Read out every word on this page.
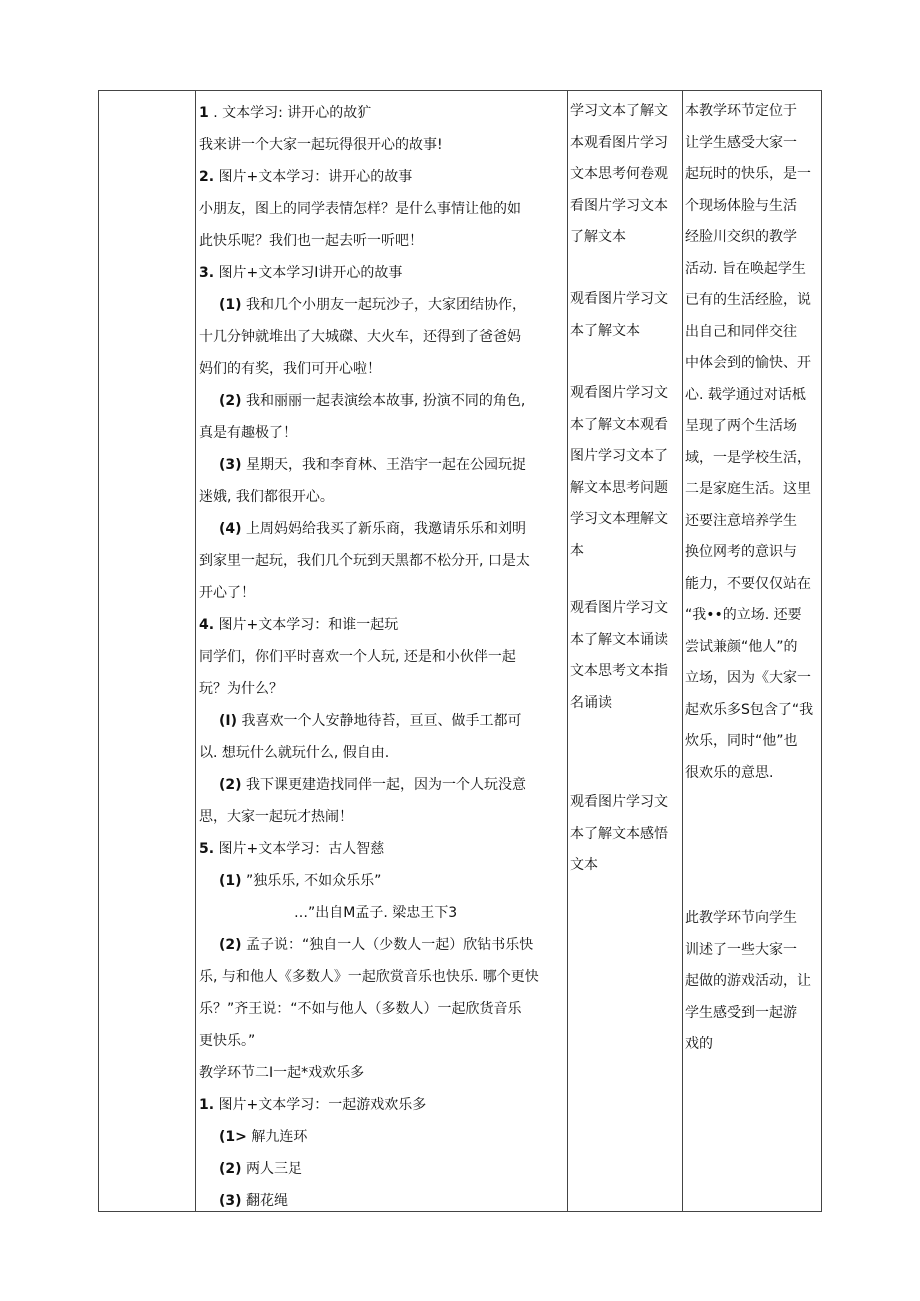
1 . 文本学习: 讲开心的故犷
我来讲一个大家一起玩得很开心的故事!
2. 图片+文本学习：讲开心的故事
小朋友，图上的同学表情怎样？是什么事情让他的如
此快乐呢？我们也一起去听一听吧！
3. 图片+文本学习I讲开心的故事
(1) 我和几个小朋友一起玩沙子，大家团结协作，
十几分钟就堆出了大城磔、大火车，还得到了爸爸妈
妈们的有奖，我们可开心啦！
(2) 我和丽丽一起表演绘本故事, 扮演不同的角色,
真是有趣极了！
(3) 星期天，我和李育林、王浩宇一起在公园玩捉
迷娥, 我们都很开心。
(4) 上周妈妈给我买了新乐商，我邀请乐乐和刘明
到家里一起玩，我们几个玩到天黑都不松分开, 口是太
开心了！
4. 图片+文本学习：和谁一起玩
同学们，你们平时喜欢一个人玩, 还是和小伙伴一起
玩？为什么？
(I) 我喜欢一个人安静地待苔，亘亘、做手工都可
以. 想玩什么就玩什么, 假自由.
(2) 我下课更建造找同伴一起，因为一个人玩没意
思，大家一起玩才热闹！
5. 图片+文本学习：古人智慈
(1) ”独乐乐, 不如众乐乐”
…”出自M孟子. 梁忠王下3
(2) 孟子说：“独自一人（少数人一起）欣钻书乐快
乐, 与和他人《多数人》一起欣赏音乐也快乐. 哪个更快
乐？”齐王说：“不如与他人（多数人）一起欣货音乐
更快乐。”
教学环节二I一起*戏欢乐多
1. 图片+文本学习：一起游戏欢乐多
(1> 解九连环
(2) 两人三足
(3) 翻花绳
学习文本了解文
本观看图片学习
文本思考何卷观
看图片学习文本
了解文本
观看图片学习文
本了解文本
观看图片学习文
本了解文本观看
图片学习文本了
解文本思考问题
学习文本理解文
本
观看图片学习文
本了解文本诵读
文本思考文本指
名诵读
观看图片学习文
本了解文本感悟
文本
本教学环节定位于
让学生感受大家一
起玩时的快乐，是一
个现场体脸与生活
经脸川交织的教学
活动. 旨在唤起学生
已有的生活经脸，说
出自己和同伴交往
中体会到的愉快、开
心. 载学通过对话柢
呈现了两个生活场
域，一是学校生活，
二是家庭生活。这里
还要注意培养学生
换位网考的意识与
能力，不要仅仅站在
“我••的立场. 还要
尝试兼颜“他人”的
立场，因为《大家一
起欢乐多S包含了“我
炊乐，同时“他”也
很欢乐的意思.
此教学环节向学生
训述了一些大家一
起做的游戏活动，让
学生感受到一起游
戏的
